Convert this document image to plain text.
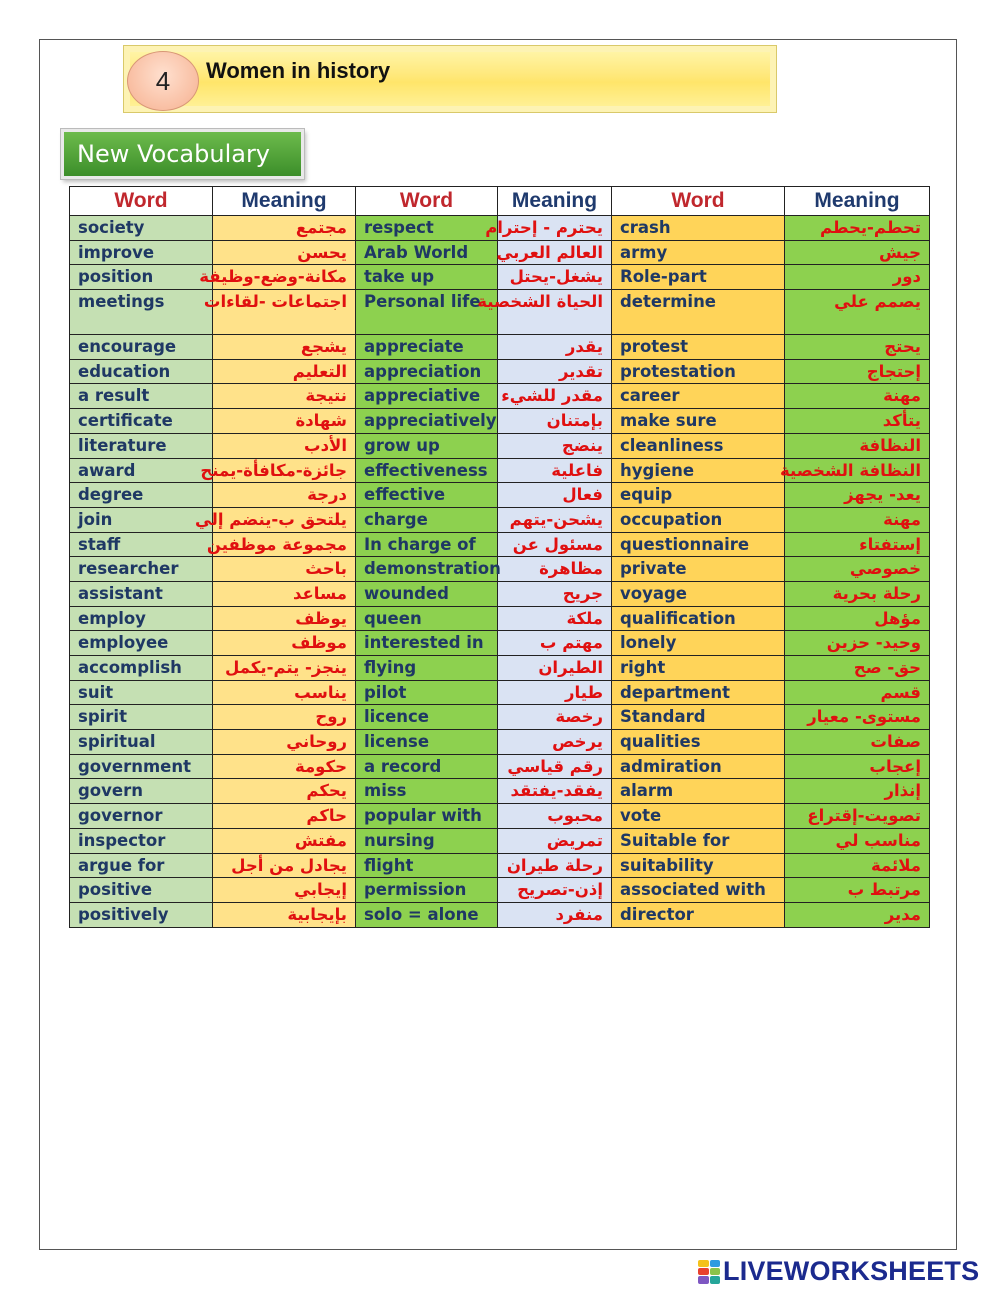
4	Women in history
New Vocabulary
Word	Meaning	Word	Meaning	Word	Meaning
society	مجتمع	respect	يحترم - إحترام	crash	تحطم-يحطم
improve	يحسن	Arab World	العالم العربي	army	جيش
position	مكانة-وضع-وظيفة	take up	يشغل-يحتل	Role-part	دور
meetings	اجتماعات -لقاءات	Personal life	الحياة الشخصية	determine	يصمم علي
encourage	يشجع	appreciate	يقدر	protest	يحتج
education	التعليم	appreciation	تقدير	protestation	إحتجاج
a result	نتيجة	appreciative	مقدر للشيء	career	مهنة
certificate	شهادة	appreciatively	بإمتنان	make sure	يتأكد
literature	الأدب	grow up	ينضج	cleanliness	النظافة
award	جائزة-مكافأة-يمنح	effectiveness	فاعلية	hygiene	النظافة الشخصية
degree	درجة	effective	فعال	equip	يعد- يجهز
join	يلتحق ب-ينضم إلي	charge	يشحن-يتهم	occupation	مهنة
staff	مجموعة موظفين	In charge of	مسئول عن	questionnaire	إستفتاء
researcher	باحث	demonstration	مظاهرة	private	خصوصي
assistant	مساعد	wounded	جريح	voyage	رحلة بحرية
employ	يوظف	queen	ملكة	qualification	مؤهل
employee	موظف	interested in	مهتم ب	lonely	وحيد- حزين
accomplish	ينجز- يتم-يكمل	flying	الطيران	right	حق- صح
suit	يناسب	pilot	طيار	department	قسم
spirit	روح	licence	رخصة	Standard	مستوى- معيار
spiritual	روحاني	license	يرخص	qualities	صفات
government	حكومة	a record	رقم قياسي	admiration	إعجاب
govern	يحكم	miss	يفقد-يفتقد	alarm	إنذار
governor	حاكم	popular with	محبوب	vote	تصويت-إقتراع
inspector	مفتش	nursing	تمريض	Suitable for	مناسب لي
argue for	يجادل من أجل	flight	رحلة طيران	suitability	ملائمة
positive	إيجابي	permission	إذن-تصريح	associated with	مرتبط ب
positively	بإيجابية	solo = alone	منفرد	director	مدير
LIVEWORKSHEETS
